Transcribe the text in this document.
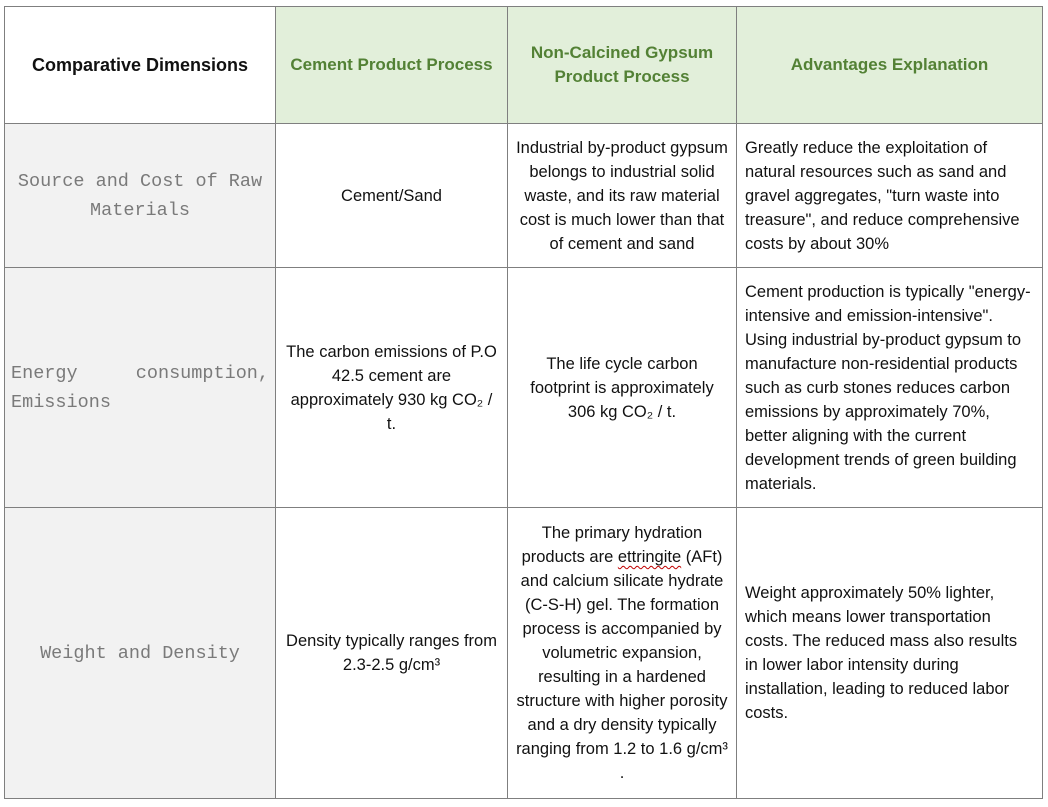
Comparative Dimensions	Cement Product Process	Non-Calcined Gypsum Product Process	Advantages Explanation
Source and Cost of Raw Materials	Cement/Sand	Industrial by-product gypsum belongs to industrial solid waste, and its raw material cost is much lower than that of cement and sand	Greatly reduce the exploitation of natural resources such as sand and gravel aggregates, "turn waste into treasure", and reduce comprehensive costs by about 30%
Energy consumption, Emissions	The carbon emissions of P.O 42.5 cement are approximately 930 kg CO₂ / t.	The life cycle carbon footprint is approximately 306 kg CO₂ / t.	Cement production is typically "energy-intensive and emission-intensive". Using industrial by-product gypsum to manufacture non-residential products such as curb stones reduces carbon emissions by approximately 70%, better aligning with the current development trends of green building materials.
Weight and Density	Density typically ranges from 2.3-2.5 g/cm³	The primary hydration products are ettringite (AFt) and calcium silicate hydrate (C-S-H) gel. The formation process is accompanied by volumetric expansion, resulting in a hardened structure with higher porosity and a dry density typically ranging from 1.2 to 1.6 g/cm³ .	Weight approximately 50% lighter, which means lower transportation costs. The reduced mass also results in lower labor intensity during installation, leading to reduced labor costs.
